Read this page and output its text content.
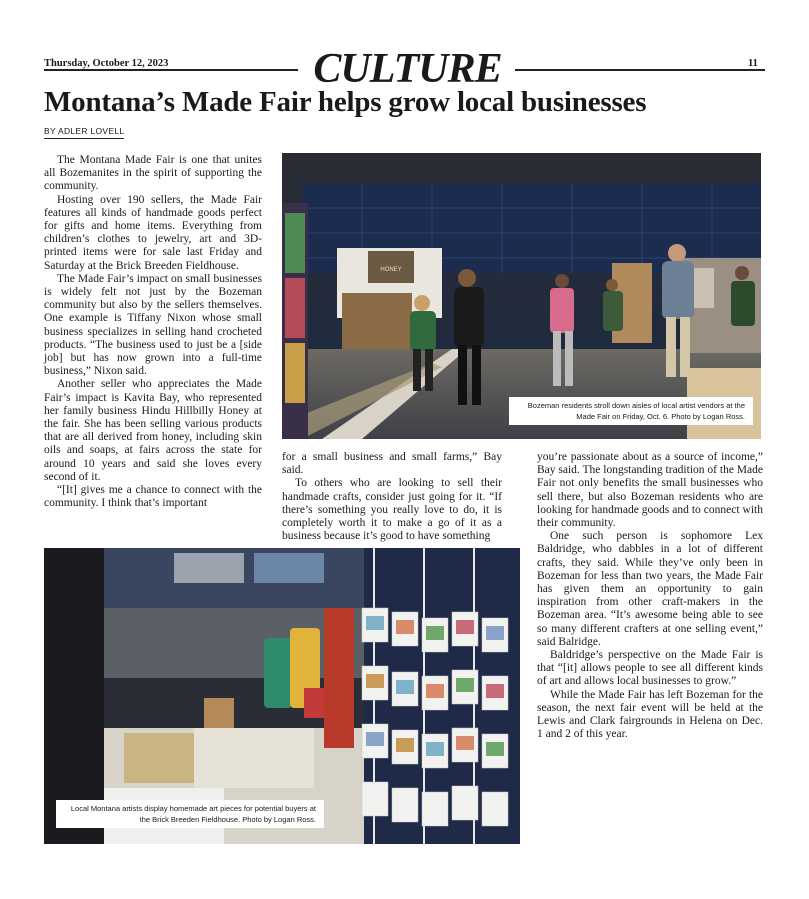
Thursday, October 12, 2023	CULTURE	11
Montana’s Made Fair helps grow local businesses
BY ADLER LOVELL

The Montana Made Fair is one that unites all Bozemanites in the spirit of supporting the community.

Hosting over 190 sellers, the Made Fair features all kinds of handmade goods perfect for gifts and home items. Everything from children’s clothes to jewelry, art and 3D-printed items were for sale last Friday and Saturday at the Brick Breeden Fieldhouse.

The Made Fair’s impact on small businesses is widely felt not just by the Bozeman community but also by the sellers themselves. One example is Tiffany Nixon whose small business specializes in selling hand crocheted products. “The business used to just be a [side job] but has now grown into a full-time business,” Nixon said.

Another seller who appreciates the Made Fair’s impact is Kavita Bay, who represented her family business Hindu Hillbilly Honey at the fair. She has been selling various products that are all derived from honey, including skin oils and soaps, at fairs across the state for around 10 years and said she loves every second of it.

“[It] gives me a chance to connect with the community. I think that’s important

HONEY
Bozeman residents stroll down aisles of local artist vendors at the Made Fair on Friday, Oct. 6. Photo by Logan Ross.

for a small business and small farms,” Bay said.

To others who are looking to sell their handmade crafts, consider just going for it. “If there’s something you really love to do, it is completely worth it to make a go of it as a business because it’s good to have something

you’re passionate about as a source of income,” Bay said. The longstanding tradition of the Made Fair not only benefits the small businesses who sell there, but also Bozeman residents who are looking for handmade goods and to connect with their community.

One such person is sophomore Lex Baldridge, who dabbles in a lot of different crafts, they said. While they’ve only been in Bozeman for less than two years, the Made Fair has given them an opportunity to gain inspiration from other craft-makers in the Bozeman area. “It’s awesome being able to see so many different crafters at one selling event,” said Balridge.

Baldridge’s perspective on the Made Fair is that “[it] allows people to see all different kinds of art and allows local businesses to grow.”

While the Made Fair has left Bozeman for the season, the next fair event will be held at the Lewis and Clark fairgrounds in Helena on Dec. 1 and 2 of this year.

Local Montana artists display homemade art pieces for potential buyers at the Brick Breeden Fieldhouse. Photo by Logan Ross.
